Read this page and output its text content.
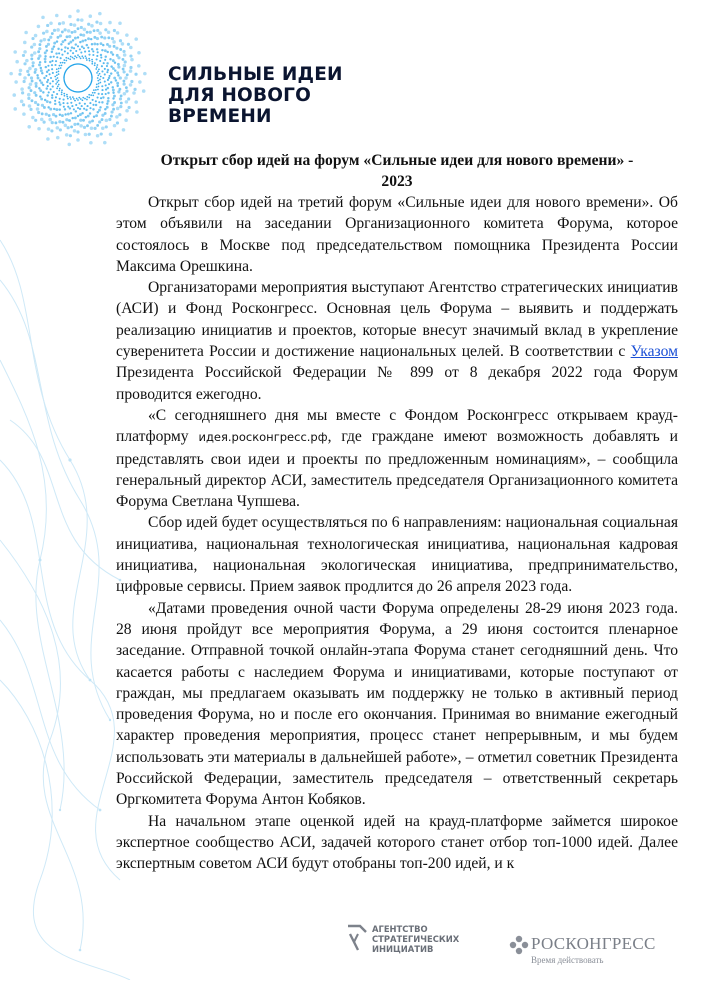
СИЛЬНЫЕ ИДЕИ
ДЛЯ НОВОГО
ВРЕМЕНИ
Открыт сбор идей на форум «Сильные идеи для нового времени» -
2023

Открыт сбор идей на третий форум «Сильные идеи для нового времени». Об этом объявили на заседании Организационного комитета Форума, которое состоялось в Москве под председательством помощника Президента России Максима Орешкина.

Организаторами мероприятия выступают Агентство стратегических инициатив (АСИ) и Фонд Росконгресс. Основная цель Форума – выявить и поддержать реализацию инициатив и проектов, которые внесут значимый вклад в укрепление суверенитета России и достижение национальных целей. В соответствии с Указом Президента Российской Федерации № 899 от 8 декабря 2022 года Форум проводится ежегодно.

«С сегодняшнего дня мы вместе с Фондом Росконгресс открываем крауд-платформу идея.росконгресс.рф, где граждане имеют возможность добавлять и представлять свои идеи и проекты по предложенным номинациям», – сообщила генеральный директор АСИ, заместитель председателя Организационного комитета Форума Светлана Чупшева.

Сбор идей будет осуществляться по 6 направлениям: национальная социальная инициатива, национальная технологическая инициатива, национальная кадровая инициатива, национальная экологическая инициатива, предпринимательство, цифровые сервисы. Прием заявок продлится до 26 апреля 2023 года.

«Датами проведения очной части Форума определены 28-29 июня 2023 года. 28 июня пройдут все мероприятия Форума, а 29 июня состоится пленарное заседание. Отправной точкой онлайн-этапа Форума станет сегодняшний день. Что касается работы с наследием Форума и инициативами, которые поступают от граждан, мы предлагаем оказывать им поддержку не только в активный период проведения Форума, но и после его окончания. Принимая во внимание ежегодный характер проведения мероприятия, процесс станет непрерывным, и мы будем использовать эти материалы в дальнейшей работе», – отметил советник Президента Российской Федерации, заместитель председателя – ответственный секретарь Оргкомитета Форума Антон Кобяков.

На начальном этапе оценкой идей на крауд-платформе займется широкое экспертное сообщество АСИ, задачей которого станет отбор топ-1000 идей. Далее экспертным советом АСИ будут отобраны топ-200 идей, и к

АГЕНТСТВО
СТРАТЕГИЧЕСКИХ
ИНИЦИАТИВ	РОСКОНГРЕСС
Время действовать
